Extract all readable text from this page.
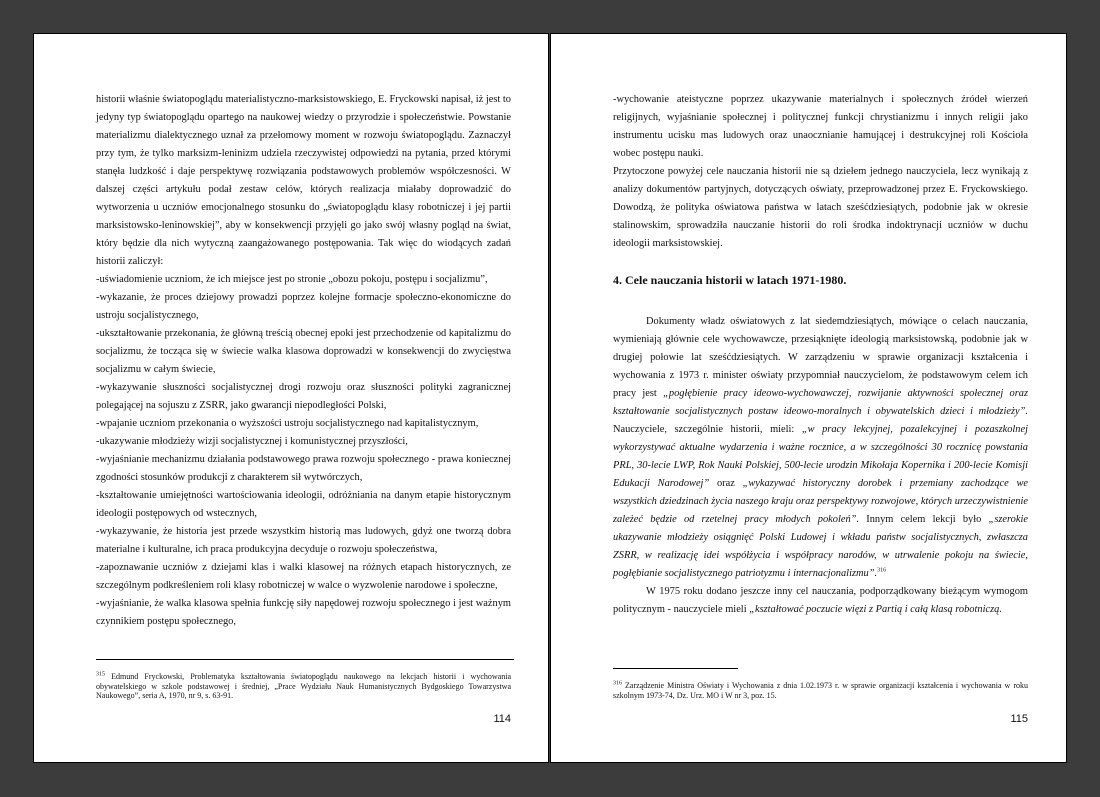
historii właśnie światopoglądu materialistyczno-marksistowskiego, E. Fryckowski napisał, iż jest to jedyny typ światopoglądu opartego na naukowej wiedzy o przyrodzie i społeczeństwie. Powstanie materializmu dialektycznego uznał za przełomowy moment w rozwoju światopoglądu. Zaznaczył przy tym, że tylko marksizm-leninizm udziela rzeczywistej odpowiedzi na pytania, przed którymi stanęła ludzkość i daje perspektywę rozwiązania podstawowych problemów współczesności. W dalszej części artykułu podał zestaw celów, których realizacja miałaby doprowadzić do wytworzenia u uczniów emocjonalnego stosunku do „światopoglądu klasy robotniczej i jej partii marksistowsko-leninowskiej”, aby w konsekwencji przyjęli go jako swój własny pogląd na świat, który będzie dla nich wytyczną zaangażowanego postępowania. Tak więc do wiodących zadań historii zaliczył:

-uświadomienie uczniom, że ich miejsce jest po stronie „obozu pokoju, postępu i socjalizmu”,

-wykazanie, że proces dziejowy prowadzi poprzez kolejne formacje społeczno-ekonomiczne do ustroju socjalistycznego,

-ukształtowanie przekonania, że główną treścią obecnej epoki jest przechodzenie od kapitalizmu do socjalizmu, że tocząca się w świecie walka klasowa doprowadzi w konsekwencji do zwycięstwa socjalizmu w całym świecie,

-wykazywanie słuszności socjalistycznej drogi rozwoju oraz słuszności polityki zagranicznej polegającej na sojuszu z ZSRR, jako gwarancji niepodległości Polski,

-wpajanie uczniom przekonania o wyższości ustroju socjalistycznego nad kapitalistycznym,

-ukazywanie młodzieży wizji socjalistycznej i komunistycznej przyszłości,

-wyjaśnianie mechanizmu działania podstawowego prawa rozwoju społecznego - prawa koniecznej zgodności stosunków produkcji z charakterem sił wytwórczych,

-kształtowanie umiejętności wartościowania ideologii, odróżniania na danym etapie historycznym ideologii postępowych od wstecznych,

-wykazywanie, że historia jest przede wszystkim historią mas ludowych, gdyż one tworzą dobra materialne i kulturalne, ich praca produkcyjna decyduje o rozwoju społeczeństwa,

-zapoznawanie uczniów z dziejami klas i walki klasowej na różnych etapach historycznych, ze szczególnym podkreśleniem roli klasy robotniczej w walce o wyzwolenie narodowe i społeczne,

-wyjaśnianie, że walka klasowa spełnia funkcję siły napędowej rozwoju społecznego i jest ważnym czynnikiem postępu społecznego,

$^{315}$ Edmund Fryckowski, Problematyka kształtowania światopoglądu naukowego na lekcjach historii i wychowania obywatelskiego w szkole podstawowej i średniej, „Prace Wydziału Nauk Humanistycznych Bydgoskiego Towarzystwa Naukowego”, seria A, 1970, nr 9, s. 63-91.
114

-wychowanie ateistyczne poprzez ukazywanie materialnych i społecznych źródeł wierzeń religijnych, wyjaśnianie społecznej i politycznej funkcji chrystianizmu i innych religii jako instrumentu ucisku mas ludowych oraz unaocznianie hamującej i destrukcyjnej roli Kościoła wobec postępu nauki.

Przytoczone powyżej cele nauczania historii nie są dziełem jednego nauczyciela, lecz wynikają z analizy dokumentów partyjnych, dotyczących oświaty, przeprowadzonej przez E. Fryckowskiego. Dowodzą, że polityka oświatowa państwa w latach sześćdziesiątych, podobnie jak w okresie stalinowskim, sprowadziła nauczanie historii do roli środka indoktrynacji uczniów w duchu ideologii marksistowskiej.

4. Cele nauczania historii w latach 1971-1980.

Dokumenty władz oświatowych z lat siedemdziesiątych, mówiące o celach nauczania, wymieniają głównie cele wychowawcze, przesiąknięte ideologią marksistowską, podobnie jak w drugiej połowie lat sześćdziesiątych. W zarządzeniu w sprawie organizacji kształcenia i wychowania z 1973 r. minister oświaty przypomniał nauczycielom, że podstawowym celem ich pracy jest „pogłębienie pracy ideowo-wychowawczej, rozwijanie aktywności społecznej oraz kształtowanie socjalistycznych postaw ideowo-moralnych i obywatelskich dzieci i młodzieży”. Nauczyciele, szczególnie historii, mieli: „w pracy lekcyjnej, pozalekcyjnej i pozaszkolnej wykorzystywać aktualne wydarzenia i ważne rocznice, a w szczególności 30 rocznicę powstania PRL, 30-lecie LWP, Rok Nauki Polskiej, 500-lecie urodzin Mikołaja Kopernika i 200-lecie Komisji Edukacji Narodowej” oraz „wykazywać historyczny dorobek i przemiany zachodzące we wszystkich dziedzinach życia naszego kraju oraz perspektywy rozwojowe, których urzeczywistnienie zależeć będzie od rzetelnej pracy młodych pokoleń”. Innym celem lekcji było „szerokie ukazywanie młodzieży osiągnięć Polski Ludowej i wkładu państw socjalistycznych, zwłaszcza ZSRR, w realizację idei współżycia i współpracy narodów, w utrwalenie pokoju na świecie, pogłębianie socjalistycznego patriotyzmu i internacjonalizmu”.$^{316}$

W 1975 roku dodano jeszcze inny cel nauczania, podporządkowany bieżącym wymogom politycznym - nauczyciele mieli „kształtować poczucie więzi z Partią i całą klasą robotniczą.

$^{316}$ Zarządzenie Ministra Oświaty i Wychowania z dnia 1.02.1973 r. w sprawie organizacji kształcenia i wychowania w roku szkolnym 1973-74, Dz. Urz. MO i W nr 3, poz. 15.
115
